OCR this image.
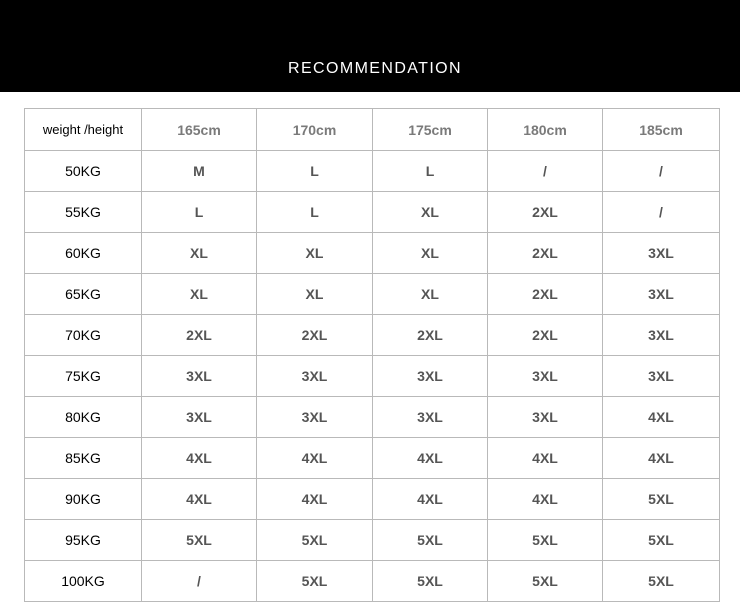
RECOMMENDATION
weight /height	165cm	170cm	175cm	180cm	185cm
50KG	M	L	L	/	/
55KG	L	L	XL	2XL	/
60KG	XL	XL	XL	2XL	3XL
65KG	XL	XL	XL	2XL	3XL
70KG	2XL	2XL	2XL	2XL	3XL
75KG	3XL	3XL	3XL	3XL	3XL
80KG	3XL	3XL	3XL	3XL	4XL
85KG	4XL	4XL	4XL	4XL	4XL
90KG	4XL	4XL	4XL	4XL	5XL
95KG	5XL	5XL	5XL	5XL	5XL
100KG	/	5XL	5XL	5XL	5XL
